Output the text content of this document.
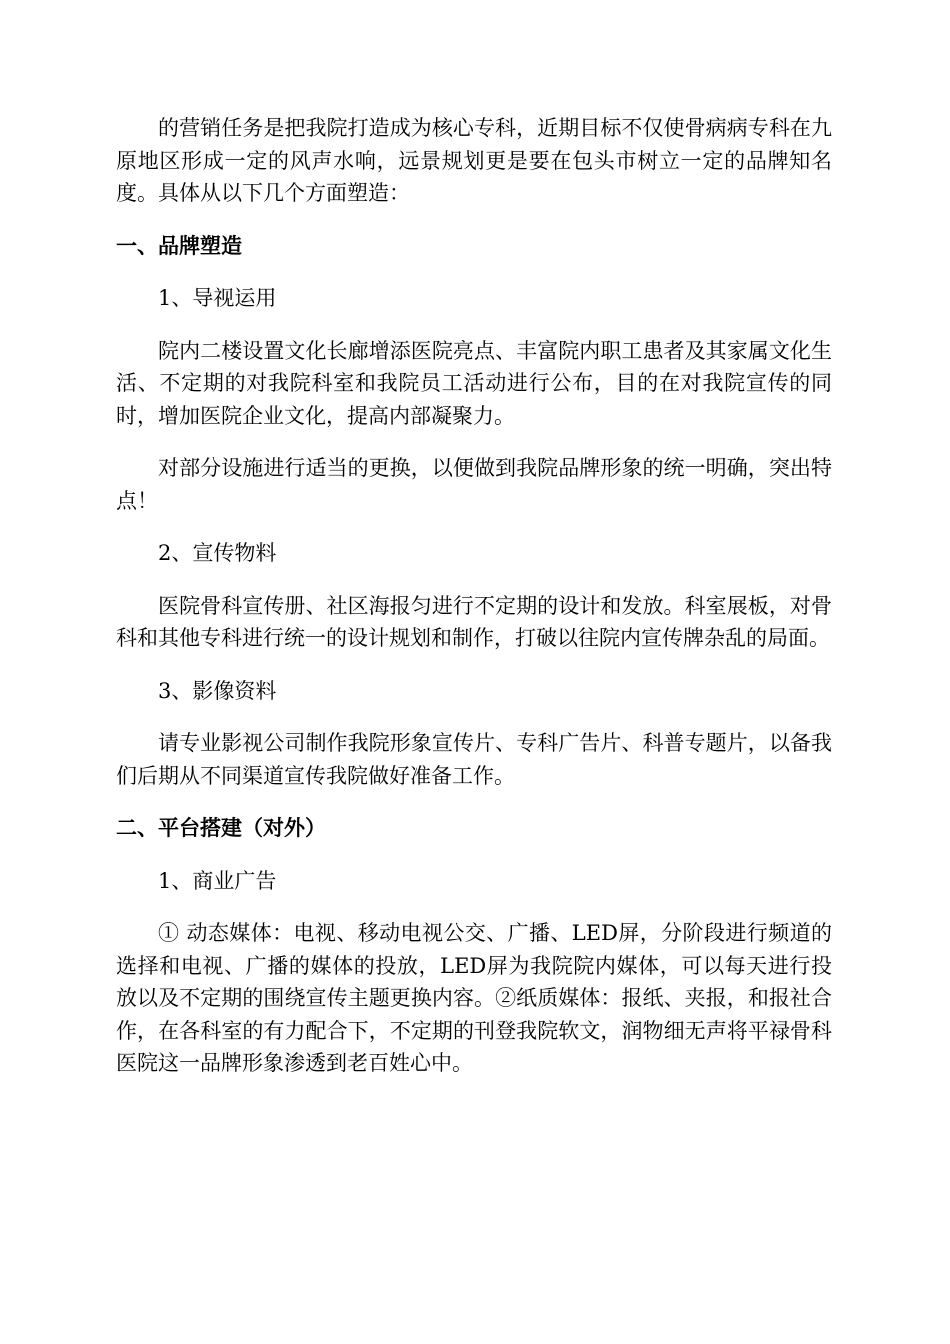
的营销任务是把我院打造成为核心专科，近期目标不仅使骨病病专科在九原地区形成一定的风声水响，远景规划更是要在包头市树立一定的品牌知名度。具体从以下几个方面塑造：

一、品牌塑造

1、导视运用

院内二楼设置文化长廊增添医院亮点、丰富院内职工患者及其家属文化生活、不定期的对我院科室和我院员工活动进行公布，目的在对我院宣传的同时，增加医院企业文化，提高内部凝聚力。

对部分设施进行适当的更换，以便做到我院品牌形象的统一明确，突出特点！

2、宣传物料

医院骨科宣传册、社区海报匀进行不定期的设计和发放。科室展板，对骨科和其他专科进行统一的设计规划和制作，打破以往院内宣传牌杂乱的局面。

3、影像资料

请专业影视公司制作我院形象宣传片、专科广告片、科普专题片，以备我们后期从不同渠道宣传我院做好准备工作。

二、平台搭建（对外）

1、商业广告

① 动态媒体：电视、移动电视公交、广播、LED屏，分阶段进行频道的选择和电视、广播的媒体的投放，LED屏为我院院内媒体，可以每天进行投放以及不定期的围绕宣传主题更换内容。②纸质媒体：报纸、夹报，和报社合作，在各科室的有力配合下，不定期的刊登我院软文，润物细无声将平禄骨科医院这一品牌形象渗透到老百姓心中。
